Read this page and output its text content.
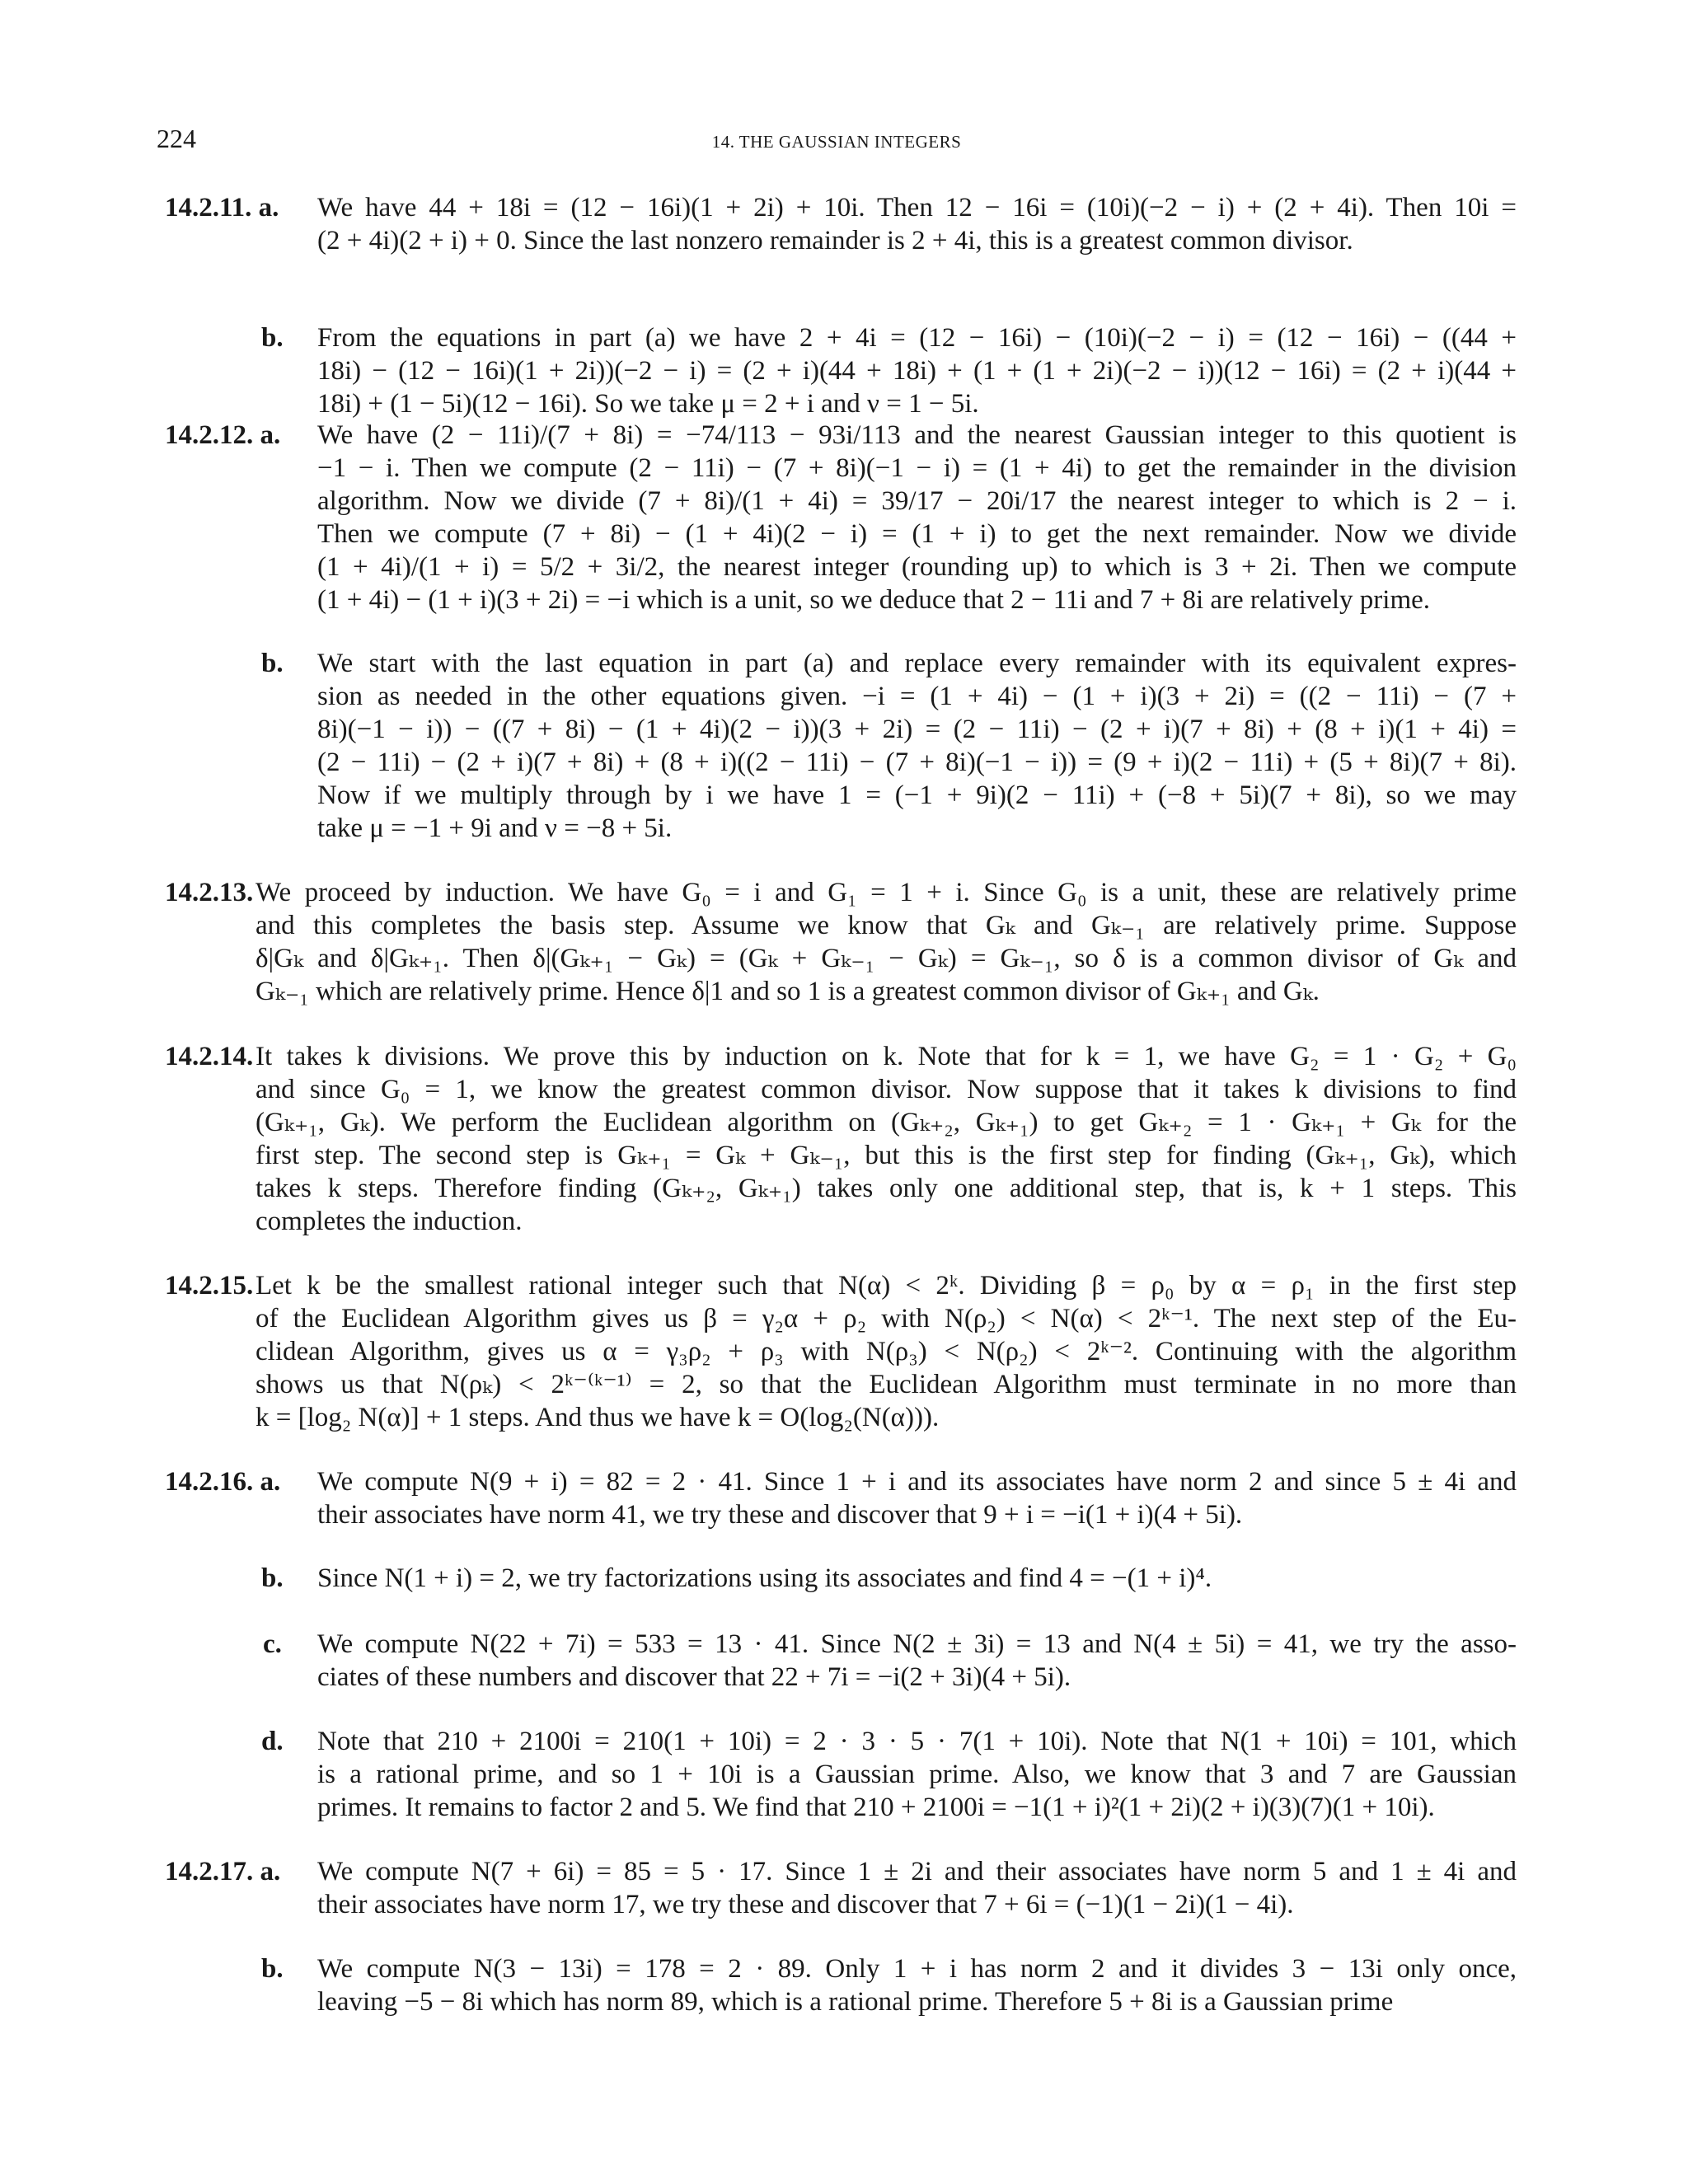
224	14. THE GAUSSIAN INTEGERS
14.2.11. a. We have 44 + 18i = (12 − 16i)(1 + 2i) + 10i. Then 12 − 16i = (10i)(−2 − i) + (2 + 4i). Then 10i =
(2 + 4i)(2 + i) + 0. Since the last nonzero remainder is 2 + 4i, this is a greatest common divisor.
b. From the equations in part (a) we have 2 + 4i = (12 − 16i) − (10i)(−2 − i) = (12 − 16i) − ((44 +
18i) − (12 − 16i)(1 + 2i))(−2 − i) = (2 + i)(44 + 18i) + (1 + (1 + 2i)(−2 − i))(12 − 16i) = (2 + i)(44 +
18i) + (1 − 5i)(12 − 16i). So we take μ = 2 + i and ν = 1 − 5i.
14.2.12. a. We have (2 − 11i)/(7 + 8i) = −74/113 − 93i/113 and the nearest Gaussian integer to this quotient is
−1 − i. Then we compute (2 − 11i) − (7 + 8i)(−1 − i) = (1 + 4i) to get the remainder in the division
algorithm. Now we divide (7 + 8i)/(1 + 4i) = 39/17 − 20i/17 the nearest integer to which is 2 − i.
Then we compute (7 + 8i) − (1 + 4i)(2 − i) = (1 + i) to get the next remainder. Now we divide
(1 + 4i)/(1 + i) = 5/2 + 3i/2, the nearest integer (rounding up) to which is 3 + 2i. Then we compute
(1 + 4i) − (1 + i)(3 + 2i) = −i which is a unit, so we deduce that 2 − 11i and 7 + 8i are relatively prime.
b. We start with the last equation in part (a) and replace every remainder with its equivalent expres-
sion as needed in the other equations given. −i = (1 + 4i) − (1 + i)(3 + 2i) = ((2 − 11i) − (7 +
8i)(−1 − i)) − ((7 + 8i) − (1 + 4i)(2 − i))(3 + 2i) = (2 − 11i) − (2 + i)(7 + 8i) + (8 + i)(1 + 4i) =
(2 − 11i) − (2 + i)(7 + 8i) + (8 + i)((2 − 11i) − (7 + 8i)(−1 − i)) = (9 + i)(2 − 11i) + (5 + 8i)(7 + 8i).
Now if we multiply through by i we have 1 = (−1 + 9i)(2 − 11i) + (−8 + 5i)(7 + 8i), so we may
take μ = −1 + 9i and ν = −8 + 5i.
14.2.13. We proceed by induction. We have G₀ = i and G₁ = 1 + i. Since G₀ is a unit, these are relatively prime
and this completes the basis step. Assume we know that Gₖ and Gₖ₋₁ are relatively prime. Suppose
δ|Gₖ and δ|Gₖ₊₁. Then δ|(Gₖ₊₁ − Gₖ) = (Gₖ + Gₖ₋₁ − Gₖ) = Gₖ₋₁, so δ is a common divisor of Gₖ and
Gₖ₋₁ which are relatively prime. Hence δ|1 and so 1 is a greatest common divisor of Gₖ₊₁ and Gₖ.
14.2.14. It takes k divisions. We prove this by induction on k. Note that for k = 1, we have G₂ = 1 · G₂ + G₀
and since G₀ = 1, we know the greatest common divisor. Now suppose that it takes k divisions to find
(Gₖ₊₁, Gₖ). We perform the Euclidean algorithm on (Gₖ₊₂, Gₖ₊₁) to get Gₖ₊₂ = 1 · Gₖ₊₁ + Gₖ for the
first step. The second step is Gₖ₊₁ = Gₖ + Gₖ₋₁, but this is the first step for finding (Gₖ₊₁, Gₖ), which
takes k steps. Therefore finding (Gₖ₊₂, Gₖ₊₁) takes only one additional step, that is, k + 1 steps. This
completes the induction.
14.2.15. Let k be the smallest rational integer such that N(α) < 2ᵏ. Dividing β = ρ₀ by α = ρ₁ in the first step
of the Euclidean Algorithm gives us β = γ₂α + ρ₂ with N(ρ₂) < N(α) < 2ᵏ⁻¹. The next step of the Eu-
clidean Algorithm, gives us α = γ₃ρ₂ + ρ₃ with N(ρ₃) < N(ρ₂) < 2ᵏ⁻². Continuing with the algorithm
shows us that N(ρₖ) < 2ᵏ⁻⁽ᵏ⁻¹⁾ = 2, so that the Euclidean Algorithm must terminate in no more than
k = [log₂ N(α)] + 1 steps. And thus we have k = O(log₂(N(α))).
14.2.16. a. We compute N(9 + i) = 82 = 2 · 41. Since 1 + i and its associates have norm 2 and since 5 ± 4i and
their associates have norm 41, we try these and discover that 9 + i = −i(1 + i)(4 + 5i).
b. Since N(1 + i) = 2, we try factorizations using its associates and find 4 = −(1 + i)⁴.
c. We compute N(22 + 7i) = 533 = 13 · 41. Since N(2 ± 3i) = 13 and N(4 ± 5i) = 41, we try the asso-
ciates of these numbers and discover that 22 + 7i = −i(2 + 3i)(4 + 5i).
d. Note that 210 + 2100i = 210(1 + 10i) = 2 · 3 · 5 · 7(1 + 10i). Note that N(1 + 10i) = 101, which
is a rational prime, and so 1 + 10i is a Gaussian prime. Also, we know that 3 and 7 are Gaussian
primes. It remains to factor 2 and 5. We find that 210 + 2100i = −1(1 + i)²(1 + 2i)(2 + i)(3)(7)(1 + 10i).
14.2.17. a. We compute N(7 + 6i) = 85 = 5 · 17. Since 1 ± 2i and their associates have norm 5 and 1 ± 4i and
their associates have norm 17, we try these and discover that 7 + 6i = (−1)(1 − 2i)(1 − 4i).
b. We compute N(3 − 13i) = 178 = 2 · 89. Only 1 + i has norm 2 and it divides 3 − 13i only once,
leaving −5 − 8i which has norm 89, which is a rational prime. Therefore 5 + 8i is a Gaussian prime
